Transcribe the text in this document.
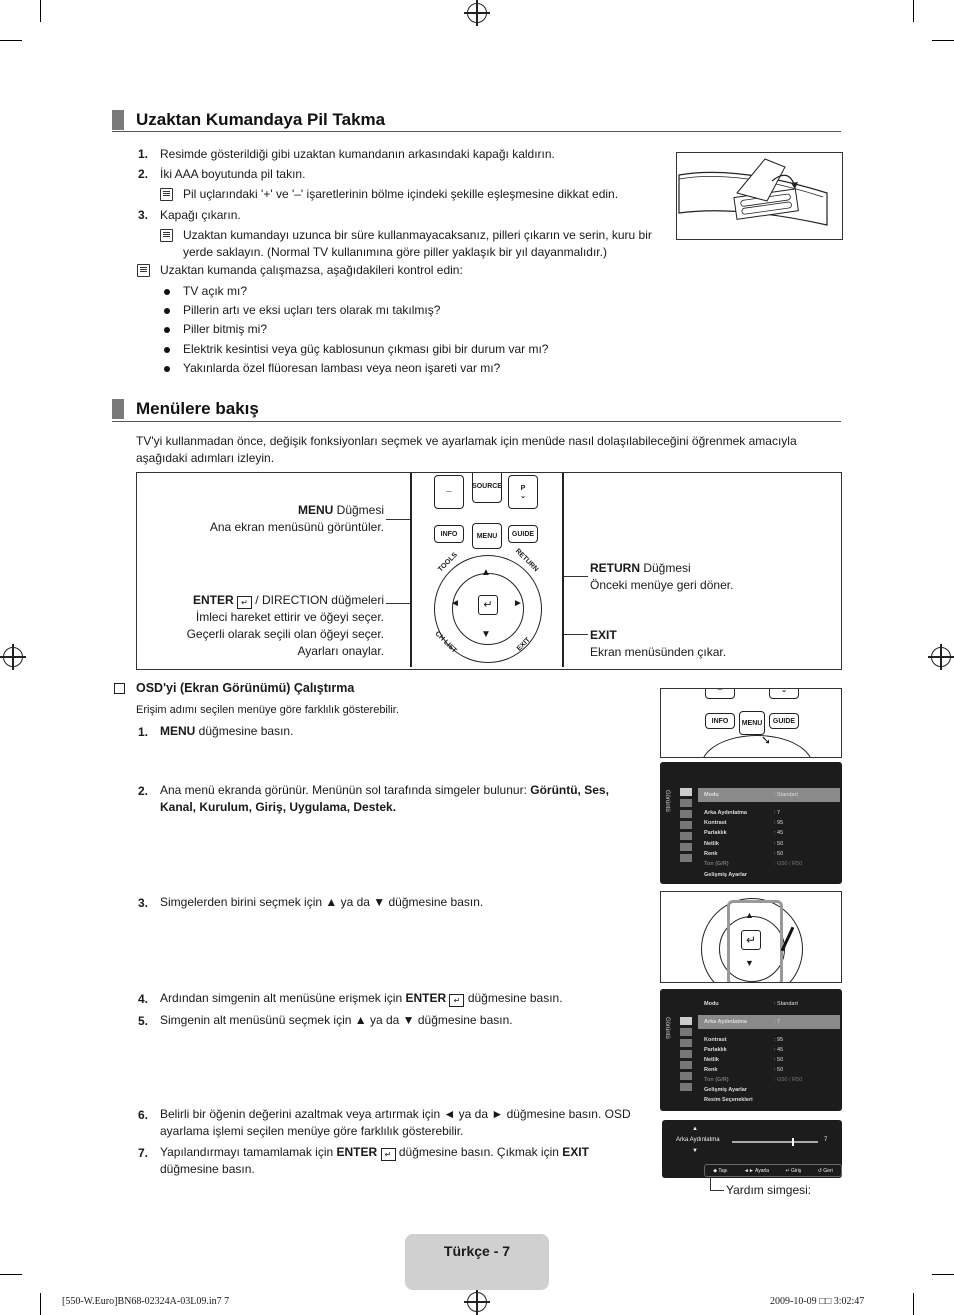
Uzaktan Kumandaya Pil Takma
1. Resimde gösterildiği gibi uzaktan kumandanın arkasındaki kapağı kaldırın.
2. İki AAA boyutunda pil takın.
Pil uçlarındaki '+' ve '–' işaretlerinin bölme içindeki şekille eşleşmesine dikkat edin.
3. Kapağı çıkarın.
Uzaktan kumandayı uzunca bir süre kullanmayacaksanız, pilleri çıkarın ve serin, kuru bir
yerde saklayın. (Normal TV kullanımına göre piller yaklaşık bir yıl dayanmalıdır.)
Uzaktan kumanda çalışmazsa, aşağıdakileri kontrol edin:
TV açık mı?
Pillerin artı ve eksi uçları ters olarak mı takılmış?
Piller bitmiş mi?
Elektrik kesintisi veya güç kablosunun çıkması gibi bir durum var mı?
Yakınlarda özel flüoresan lambası veya neon işareti var mı?
Menülere bakış
TV'yi kullanmadan önce, değişik fonksiyonları seçmek ve ayarlamak için menüde nasıl dolaşılabileceğini öğrenmek amacıyla
aşağıdaki adımları izleyin.
MENU Düğmesi
Ana ekran menüsünü görüntüler.
ENTER ↵ / DIRECTION düğmeleri
İmleci hareket ettirir ve öğeyi seçer.
Geçerli olarak seçili olan öğeyi seçer.
Ayarları onaylar.
RETURN Düğmesi
Önceki menüye geri döner.
EXIT
Ekran menüsünden çıkar.
─
SOURCE	P
⌄
INFO	MENU GUIDE
↵
▲
▼
◄	►
TOOLS	RETURN
CH LIST	EXIT
OSD'yi (Ekran Görünümü) Çalıştırma
Erişim adımı seçilen menüye göre farklılık gösterebilir.
1. MENU düğmesine basın.
2. Ana menü ekranda görünür. Menünün sol tarafında simgeler bulunur: Görüntü, Ses,
Kanal, Kurulum, Giriş, Uygulama, Destek.
3. Simgelerden birini seçmek için ▲ ya da ▼ düğmesine basın.
4. Ardından simgenin alt menüsüne erişmek için ENTER ↵ düğmesine basın.
5. Simgenin alt menüsünü seçmek için ▲ ya da ▼ düğmesine basın.
6. Belirli bir öğenin değerini azaltmak veya artırmak için ◄ ya da ► düğmesine basın. OSD
ayarlama işlemi seçilen menüye göre farklılık gösterebilir.
7. Yapılandırmayı tamamlamak için ENTER ↵ düğmesine basın. Çıkmak için EXIT
düğmesine basın.
─	⌄
INFO	MENU	GUIDE
➘
Görüntü	Modu	: Standart
Arka Aydınlatma	: 7
Kontrast	: 95
Parlaklık	: 45
Netlik	: 50
Renk	: 50
Ton (G/R)	: G50 / R50
Gelişmiş Ayarlar
↵
▲
▼
Görüntü
Modu	: Standart
Arka Aydınlatma	: 7
Kontrast	: 95
Parlaklık	: 45
Netlik	: 50
Renk	: 50
Ton (G/R)	: G50 / R50
Gelişmiş Ayarlar
Resim Seçenekleri
▲
Arka Aydınlatma
▼
7
◆ Taşı	◄► Ayarla	↵ Giriş	↺ Geri
Yardım simgesi:
Türkçe - 7
[550-W.Euro]BN68-02324A-03L09.in7 7	2009-10-09 □□ 3:02:47
